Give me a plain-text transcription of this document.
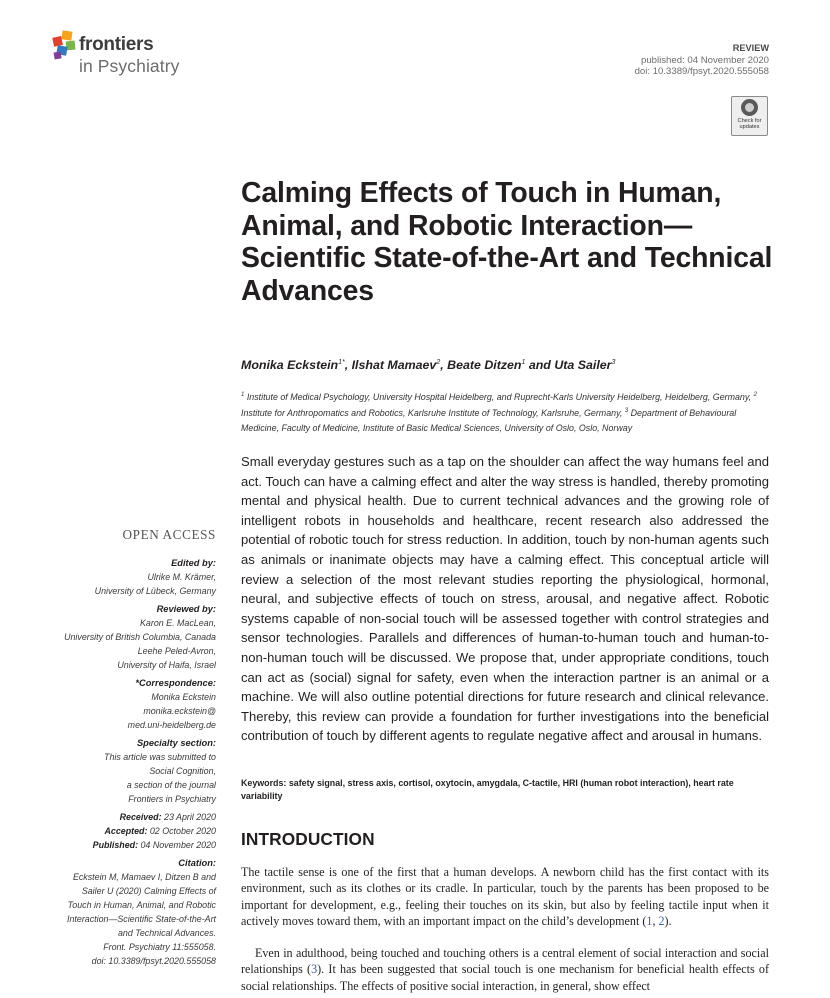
frontiers
in Psychiatry
REVIEW
published: 04 November 2020
doi: 10.3389/fpsyt.2020.555058
Check for
updates
Calming Effects of Touch in Human, Animal, and Robotic Interaction—Scientific State-of-the-Art and Technical Advances
Monika Eckstein$^{1*}$, Ilshat Mamaev$^2$, Beate Ditzen$^1$ and Uta Sailer$^3$
$^1$ Institute of Medical Psychology, University Hospital Heidelberg, and Ruprecht-Karls University Heidelberg, Heidelberg, Germany, $^2$ Institute for Anthropomatics and Robotics, Karlsruhe Institute of Technology, Karlsruhe, Germany, $^3$ Department of Behavioural Medicine, Faculty of Medicine, Institute of Basic Medical Sciences, University of Oslo, Oslo, Norway

Small everyday gestures such as a tap on the shoulder can affect the way humans feel and act. Touch can have a calming effect and alter the way stress is handled, thereby promoting mental and physical health. Due to current technical advances and the growing role of intelligent robots in households and healthcare, recent research also addressed the potential of robotic touch for stress reduction. In addition, touch by non-human agents such as animals or inanimate objects may have a calming effect. This conceptual article will review a selection of the most relevant studies reporting the physiological, hormonal, neural, and subjective effects of touch on stress, arousal, and negative affect. Robotic systems capable of non-social touch will be assessed together with control strategies and sensor technologies. Parallels and differences of human-to-human touch and human-to-non-human touch will be discussed. We propose that, under appropriate conditions, touch can act as (social) signal for safety, even when the interaction partner is an animal or a machine. We will also outline potential directions for future research and clinical relevance. Thereby, this review can provide a foundation for further investigations into the beneficial contribution of touch by different agents to regulate negative affect and arousal in humans.

Keywords: safety signal, stress axis, cortisol, oxytocin, amygdala, C-tactile, HRI (human robot interaction), heart rate variability

OPEN ACCESS
Edited by:
Ulrike M. Krämer,
University of Lübeck, Germany
Reviewed by:
Karon E. MacLean,
University of British Columbia, Canada
Leehe Peled-Avron,
University of Haifa, Israel
*Correspondence:
Monika Eckstein
monika.eckstein@
med.uni-heidelberg.de
Specialty section:
This article was submitted to
Social Cognition,
a section of the journal
Frontiers in Psychiatry
Received: 23 April 2020
Accepted: 02 October 2020
Published: 04 November 2020
Citation:
Eckstein M, Mamaev I, Ditzen B and
Sailer U (2020) Calming Effects of
Touch in Human, Animal, and Robotic
Interaction—Scientific State-of-the-Art
and Technical Advances.
Front. Psychiatry 11:555058.
doi: 10.3389/fpsyt.2020.555058
INTRODUCTION

The tactile sense is one of the first that a human develops. A newborn child has the first contact with its environment, such as its clothes or its cradle. In particular, touch by the parents has been proposed to be important for development, e.g., feeling their touches on its skin, but also by feeling tactile input when it actively moves toward them, with an important impact on the child’s development (1, 2).

Even in adulthood, being touched and touching others is a central element of social interaction and social relationships (3). It has been suggested that social touch is one mechanism for beneficial health effects of social relationships. The effects of positive social interaction, in general, show effect
